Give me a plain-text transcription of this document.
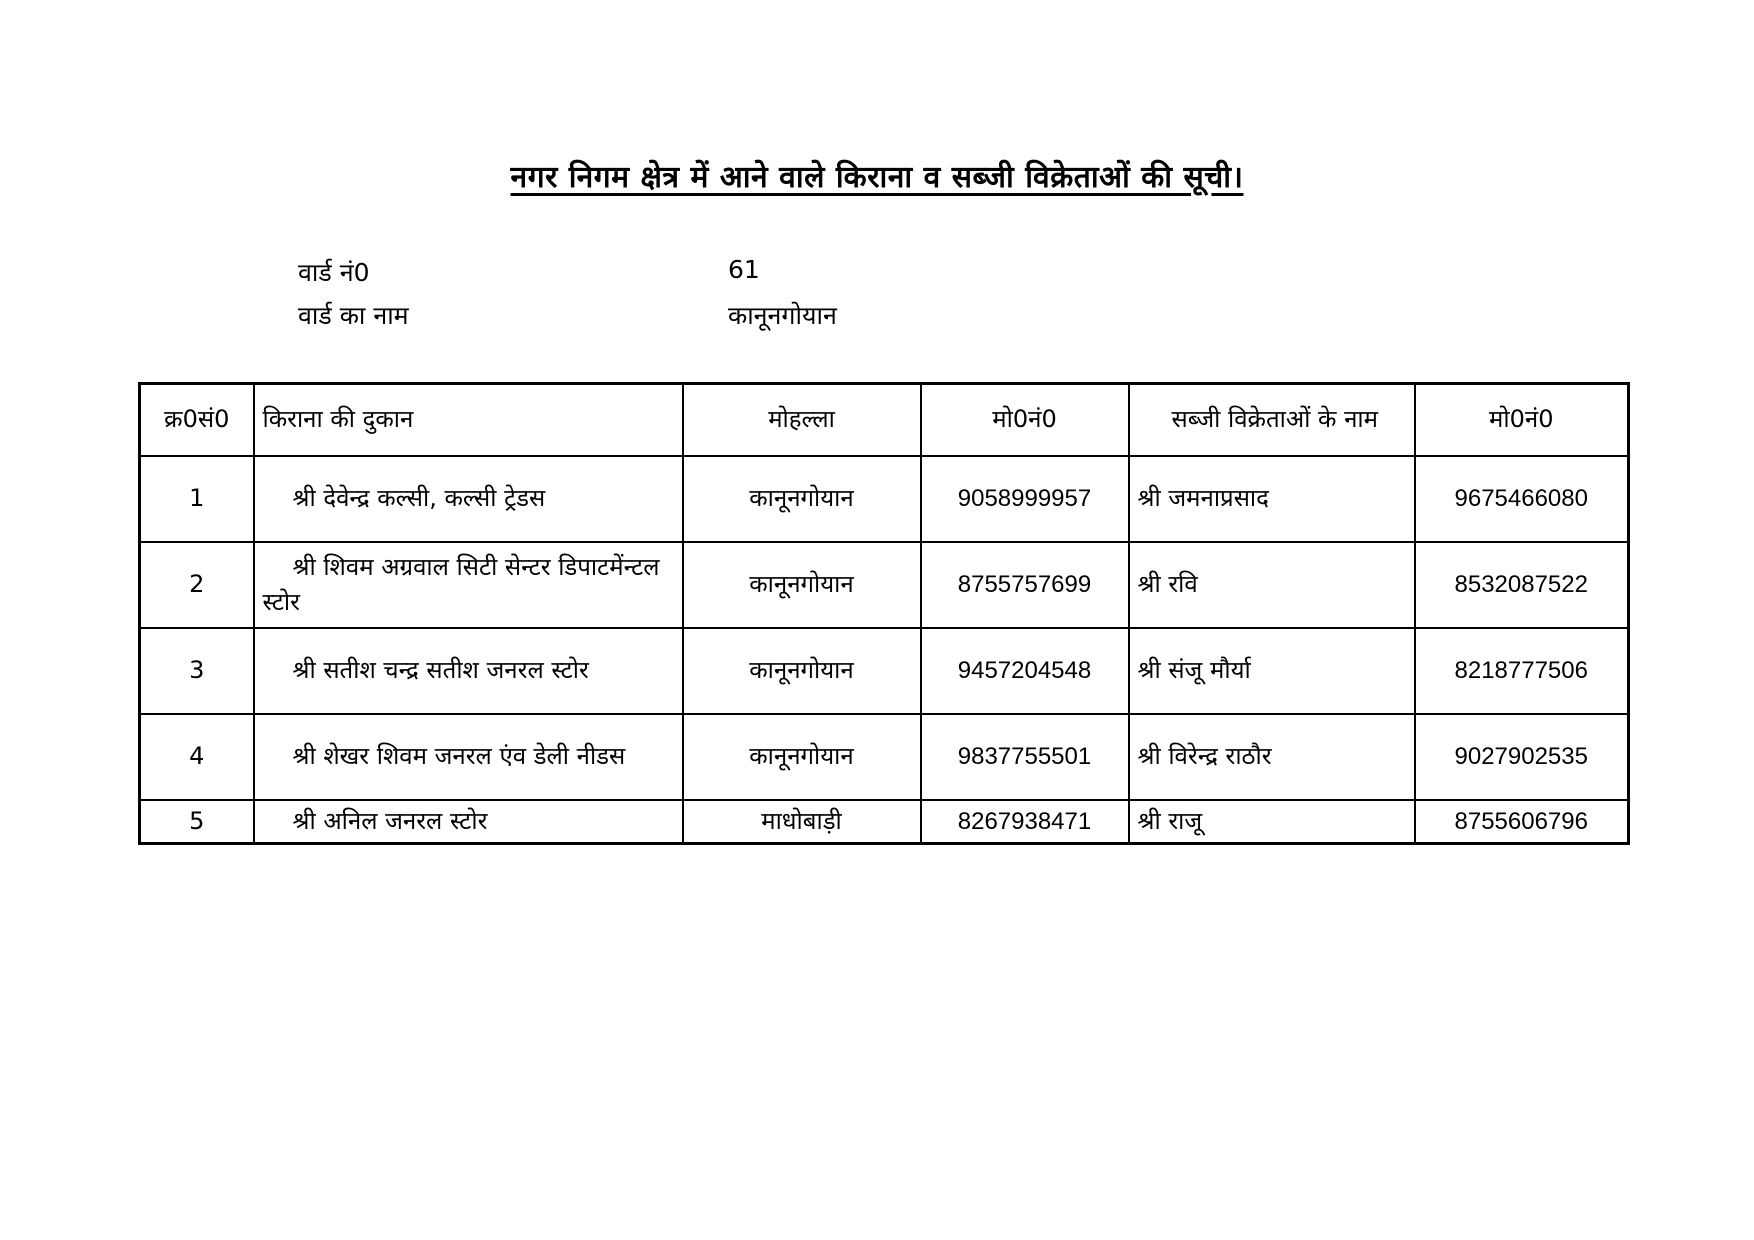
नगर निगम क्षेत्र में आने वाले किराना व सब्जी विक्रेताओं की सूची।
वार्ड नं0	61
वार्ड का नाम	कानूनगोयान
क्र0सं0	किराना की दुकान	मोहल्ला	मो0नं0	सब्जी विक्रेताओं के नाम	मो0नं0
1	श्री देवेन्द्र कल्सी, कल्सी ट्रेडस	कानूनगोयान	9058999957	श्री जमनाप्रसाद	9675466080
2	श्री शिवम अग्रवाल सिटी सेन्टर डिपाटमेंन्टल स्टोर	कानूनगोयान	8755757699	श्री रवि	8532087522
3	श्री सतीश चन्द्र सतीश जनरल स्टोर	कानूनगोयान	9457204548	श्री संजू मौर्या	8218777506
4	श्री शेखर शिवम जनरल एंव डेली नीडस	कानूनगोयान	9837755501	श्री विरेन्द्र राठौर	9027902535
5	श्री अनिल जनरल स्टोर	माधोबाड़ी	8267938471	श्री राजू	8755606796
